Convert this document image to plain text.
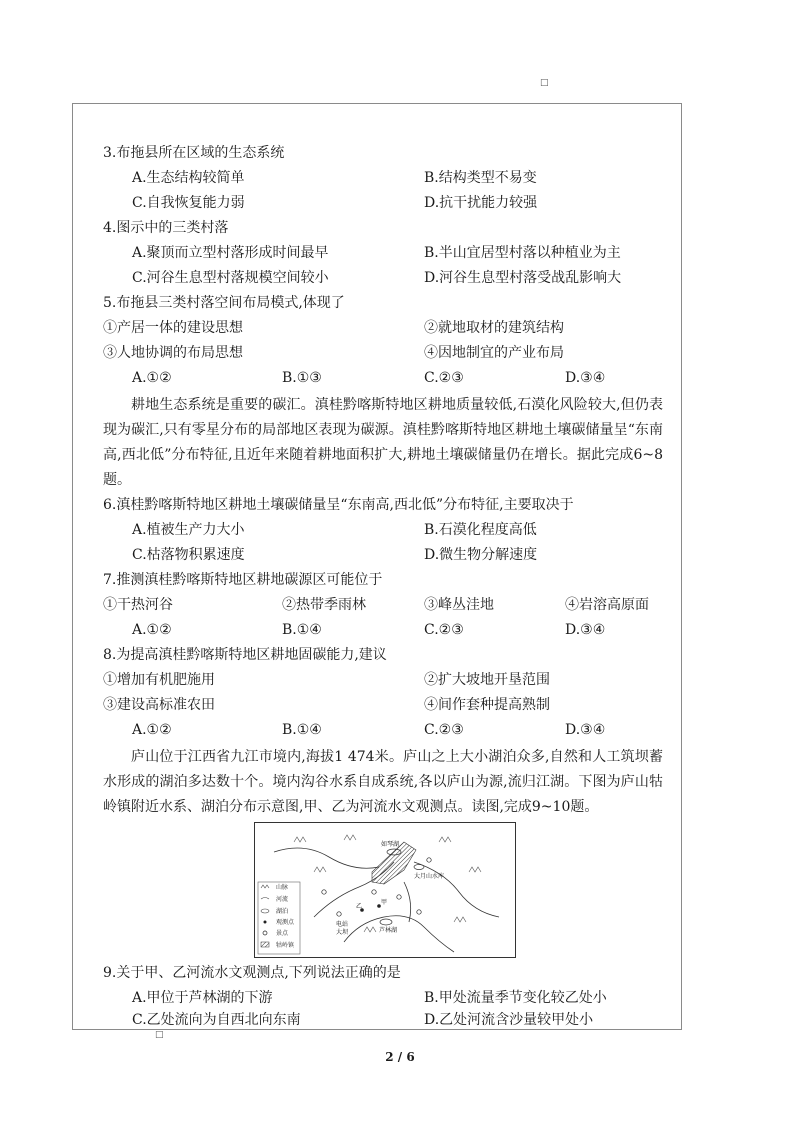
□
3.布拖县所在区域的生态系统
A.生态结构较简单	B.结构类型不易变
C.自我恢复能力弱	D.抗干扰能力较强
4.图示中的三类村落
A.聚顶而立型村落形成时间最早	B.半山宜居型村落以种植业为主
C.河谷生息型村落规模空间较小	D.河谷生息型村落受战乱影响大
5.布拖县三类村落空间布局模式,体现了
①产居一体的建设思想	②就地取材的建筑结构
③人地协调的布局思想	④因地制宜的产业布局
A.①②	B.①③	C.②③	D.③④
耕地生态系统是重要的碳汇。滇桂黔喀斯特地区耕地质量较低,石漠化风险较大,但仍表现为碳汇,只有零星分布的局部地区表现为碳源。滇桂黔喀斯特地区耕地土壤碳储量呈“东南高,西北低”分布特征,且近年来随着耕地面积扩大,耕地土壤碳储量仍在增长。据此完成6~8题。
6.滇桂黔喀斯特地区耕地土壤碳储量呈“东南高,西北低”分布特征,主要取决于
A.植被生产力大小	B.石漠化程度高低
C.枯落物积累速度	D.微生物分解速度
7.推测滇桂黔喀斯特地区耕地碳源区可能位于
①干热河谷	②热带季雨林	③峰丛洼地	④岩溶高原面
A.①②	B.①④	C.②③	D.③④
8.为提高滇桂黔喀斯特地区耕地固碳能力,建议
①增加有机肥施用	②扩大坡地开垦范围
③建设高标准农田	④间作套种提高熟制
A.①②	B.①④	C.②③	D.③④
庐山位于江西省九江市境内,海拔1 474米。庐山之上大小湖泊众多,自然和人工筑坝蓄水形成的湖泊多达数十个。境内沟谷水系自成系统,各以庐山为源,流归江湖。下图为庐山牯岭镇附近水系、湖泊分布示意图,甲、乙为河流水文观测点。读图,完成9~10题。
山脉
河流
湖泊
观测点
景点
牯岭镇
如琴湖
大月山水库
甲
乙
芦林湖
电站
大坝
9.关于甲、乙河流水文观测点,下列说法正确的是
A.甲位于芦林湖的下游	B.甲处流量季节变化较乙处小
C.乙处流向为自西北向东南	D.乙处河流含沙量较甲处小
□
2 / 6
